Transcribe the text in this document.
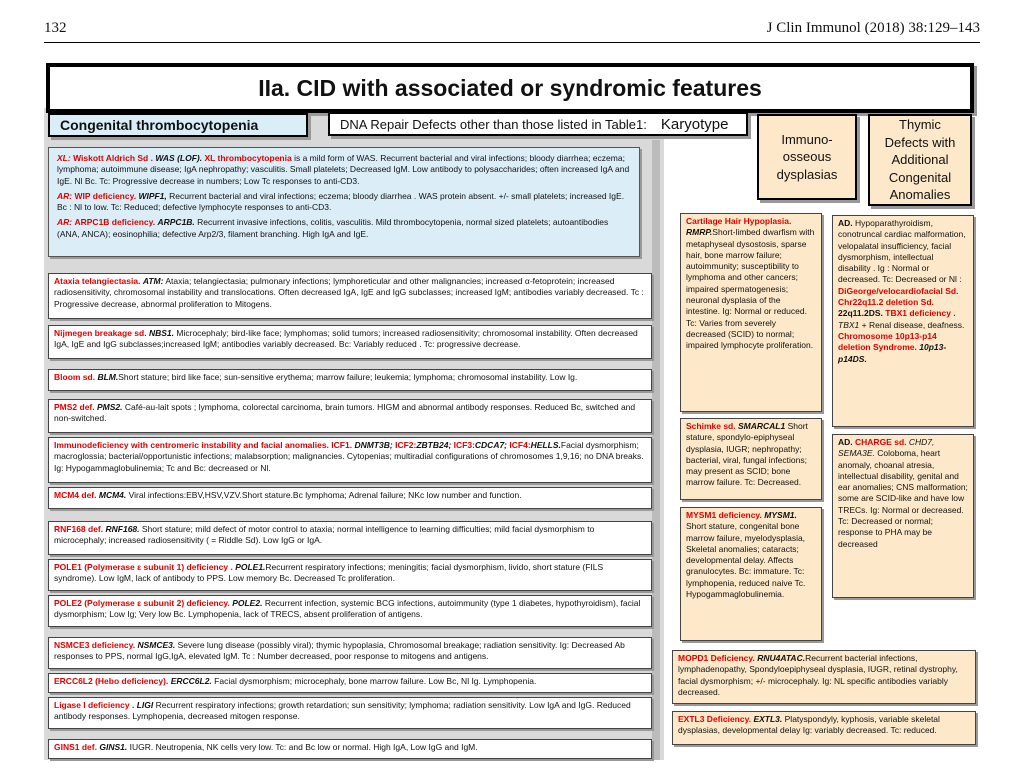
132	J Clin Immunol (2018) 38:129–143
IIa. CID with associated or syndromic features
Congenital thrombocytopenia	DNA Repair Defects other than those listed in Table1: Karyotype
Immuno-osseous dysplasias
Thymic Defects with Additional Congenital Anomalies

XL: Wiskott Aldrich Sd . WAS (LOF). XL thrombocytopenia is a mild form of WAS. Recurrent bacterial and viral infections; bloody diarrhea; eczema; lymphoma; autoimmune disease; IgA nephropathy; vasculitis. Small platelets; Decreased IgM. Low antibody to polysaccharides; often increased IgA and IgE. Nl Bc. Tc: Progressive decrease in numbers; Low Tc responses to anti-CD3.

AR: WIP deficiency. WIPF1, Recurrent bacterial and viral infections; eczema; bloody diarrhea . WAS protein absent. +/- small platelets; increased IgE. Bc : Nl to low. Tc: Reduced; defective lymphocyte responses to anti-CD3.

AR: ARPC1B deficiency. ARPC1B. Recurrent invasive infections, colitis, vasculitis. Mild thrombocytopenia, normal sized platelets; autoantibodies (ANA, ANCA); eosinophilia; defective Arp2/3, filament branching. High IgA and IgE.

Ataxia telangiectasia. ATM: Ataxia; telangiectasia; pulmonary infections; lymphoreticular and other malignancies; increased α-fetoprotein; increased radiosensitivity, chromosomal instability and translocations. Often decreased IgA, IgE and IgG subclasses; increased IgM; antibodies variably decreased. Tc : Progressive decrease, abnormal proliferation to Mitogens.
Nijmegen breakage sd. NBS1. Microcephaly; bird-like face; lymphomas; solid tumors; increased radiosensitivity; chromosomal instability. Often decreased IgA, IgE and IgG subclasses;increased IgM; antibodies variably decreased. Bc: Variably reduced . Tc: progressive decrease.
Bloom sd. BLM.Short stature; bird like face; sun-sensitive erythema; marrow failure; leukemia; lymphoma; chromosomal instability. Low Ig.
PMS2 def. PMS2. Café-au-lait spots ; lymphoma, colorectal carcinoma, brain tumors. HIGM and abnormal antibody responses. Reduced Bc, switched and non-switched.
Immunodeficiency with centromeric instability and facial anomalies. ICF1. DNMT3B; ICF2:ZBTB24; ICF3:CDCA7; ICF4:HELLS.Facial dysmorphism; macroglossia; bacterial/opportunistic infections; malabsorption; malignancies. Cytopenias; multiradial configurations of chromosomes 1,9,16; no DNA breaks. Ig: Hypogammaglobulinemia; Tc and Bc: decreased or Nl.
MCM4 def. MCM4. Viral infections:EBV,HSV,VZV.Short stature.Bc lymphoma; Adrenal failure; NKc low number and function.
RNF168 def. RNF168. Short stature; mild defect of motor control to ataxia; normal intelligence to learning difficulties; mild facial dysmorphism to microcephaly; increased radiosensitivity ( = Riddle Sd). Low IgG or IgA.
POLE1 (Polymerase ε subunit 1) deficiency . POLE1.Recurrent respiratory infections; meningitis; facial dysmorphism, livido, short stature (FILS syndrome). Low IgM, lack of antibody to PPS. Low memory Bc. Decreased Tc proliferation.
POLE2 (Polymerase ε subunit 2) deficiency. POLE2. Recurrent infection, systemic BCG infections, autoimmunity (type 1 diabetes, hypothyroidism), facial dysmorphism; Low Ig; Very low Bc. Lymphopenia, lack of TRECS, absent proliferation of antigens.
NSMCE3 deficiency. NSMCE3. Severe lung disease (possibly viral); thymic hypoplasia, Chromosomal breakage; radiation sensitivity. Ig: Decreased Ab responses to PPS, normal IgG,IgA, elevated IgM. Tc : Number decreased, poor response to mitogens and antigens.
ERCC6L2 (Hebo deficiency). ERCC6L2. Facial dysmorphism; microcephaly, bone marrow failure. Low Bc, Nl Ig. Lymphopenia.
Ligase I deficiency . LIGI Recurrent respiratory infections; growth retardation; sun sensitivity; lymphoma; radiation sensitivity. Low IgA and IgG. Reduced antibody responses. Lymphopenia, decreased mitogen response.
GINS1 def. GINS1. IUGR. Neutropenia, NK cells very low. Tc: and Bc low or normal. High IgA, Low IgG and IgM.
Cartilage Hair Hypoplasia. RMRP.Short-limbed dwarfism with metaphyseal dysostosis, sparse hair, bone marrow failure; autoimmunity; susceptibility to lymphoma and other cancers; impaired spermatogenesis; neuronal dysplasia of the intestine. Ig: Normal or reduced. Tc: Varies from severely decreased (SCID) to normal; impaired lymphocyte proliferation.
Schimke sd. SMARCAL1 Short stature, spondylo-epiphyseal dysplasia, IUGR; nephropathy; bacterial, viral, fungal infections; may present as SCID; bone marrow failure. Tc: Decreased.
MYSM1 deficiency. MYSM1. Short stature, congenital bone marrow failure, myelodysplasia, Skeletal anomalies; cataracts; developmental delay. Affects granulocytes. Bc: immature. Tc: lymphopenia, reduced naive Tc. Hypogammaglobulinemia.
AD. Hypoparathyroidism, conotruncal cardiac malformation, velopalatal insufficiency, facial dysmorphism, intellectual disability . Ig : Normal or decreased. Tc: Decreased or Nl : DiGeorge/velocardiofacial Sd. Chr22q11.2 deletion Sd. 22q11.2DS. TBX1 deficiency . TBX1 + Renal disease, deafness. Chromosome 10p13-p14 deletion Syndrome. 10p13-p14DS.
AD. CHARGE sd. CHD7, SEMA3E. Coloboma, heart anomaly, choanal atresia, intellectual disability, genital and ear anomalies; CNS malformation; some are SCID-like and have low TRECs. Ig: Normal or decreased. Tc: Decreased or normal; response to PHA may be decreased
MOPD1 Deficiency. RNU4ATAC.Recurrent bacterial infections, lymphadenopathy, Spondyloepiphyseal dysplasia, IUGR, retinal dystrophy, facial dysmorphism; +/- microcephaly. Ig: NL specific antibodies variably decreased.
EXTL3 Deficiency. EXTL3. Platyspondyly, kyphosis, variable skeletal dysplasias, developmental delay Ig: variably decreased. Tc: reduced.
